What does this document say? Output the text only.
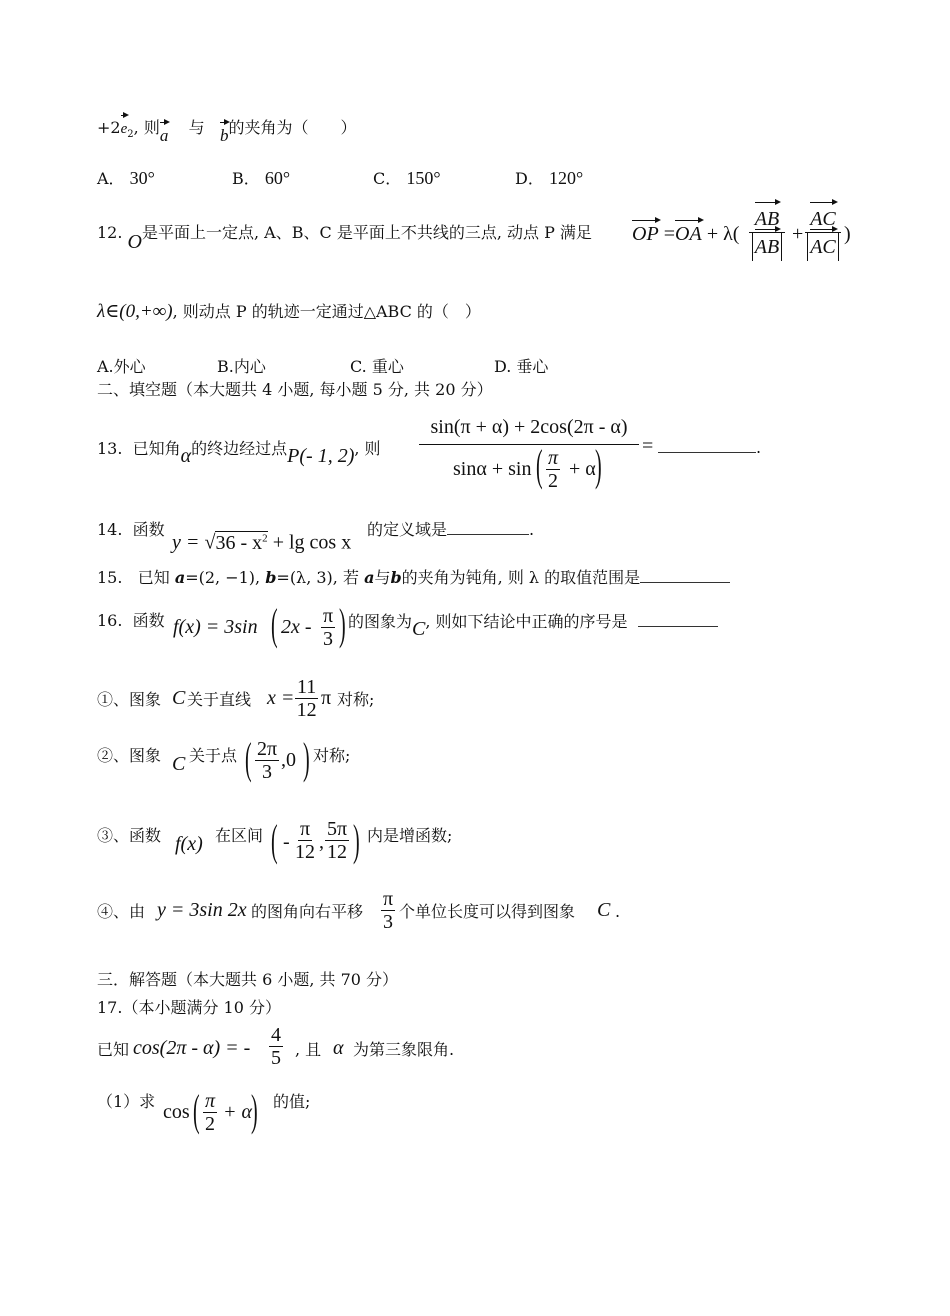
$+2e_2$, 则a 与 b的夹角为（　　）
A． 30°	B． 60°	C． 150°	D． 120°
12. O是平面上一定点, A、B、C 是平面上不共线的三点, 动点 P 满足 OP =OA + λ(
AB
AB
+
AC
AC
)
λ∈(0,+∞), 则动点 P 的轨迹一定通过△ABC 的（　）
A.外心	B.内心	C. 重心	D. 垂心
二、填空题（本大题共 4 小题, 每小题 5 分, 共 20 分）
13. 已知角α的终边经过点P(- 1, 2), 则
sin(π + α) + 2cos(2π - α)
sinα + sin ( π
2
+ α ) =	.
14. 函数
$y = √36 - x^2 + \lg \cos x$
的定义域是	.
15. 已知 a=(2, −1), b=(λ, 3), 若 a与b的夹角为钝角, 则 λ 的取值范围是
16. 函数 f(x) = 3sin ( 2x - π
3 ) 的图象为C, 则如下结论中正确的序号是
①、图象 C 关于直线 x = 11
12
π 对称;
②、图象 C 关于点 ( 2π
3
,0 ) 对称;
③、函数 f(x) 在区间 ( -
π
12 ,
5π
12 ) 内是增函数;
④、由 y = 3sin 2x 的图角向右平移
π
3 个单位长度可以得到图象 C .
三．解答题（本大题共 6 小题, 共 70 分）
17.（本小题满分 10 分）
已知 cos(2π - α) = -
4
5 , 且 α 为第三象限角.
（1）求 cos ( π
2
+ α ) 的值;
